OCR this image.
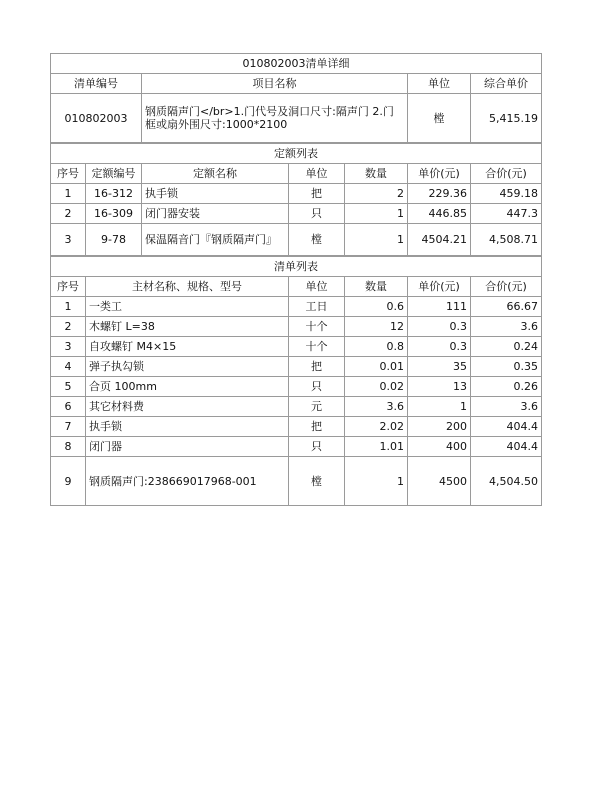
010802003清单详细			
清单编号	项目名称	单位	综合单价
010802003	钢质隔声门</br>1.门代号及洞口尺寸:隔声门 2.门框或扇外围尺寸:1000*2100	樘	5,415.19
定额列表						
序号	定额编号	定额名称	单位	数量	单价(元)	合价(元)
1	16-312	执手锁	把	2	229.36	459.18
2	16-309	闭门器安装	只	1	446.85	447.3
3	9-78	保温隔音门『钢质隔声门』	樘	1	4504.21	4,508.71
清单列表					
序号	主材名称、规格、型号	单位	数量	单价(元)	合价(元)
1	一类工	工日	0.6	111	66.67
2	木螺钉 L=38	十个	12	0.3	3.6
3	自攻螺钉 M4×15	十个	0.8	0.3	0.24
4	弹子执勾锁	把	0.01	35	0.35
5	合页 100mm	只	0.02	13	0.26
6	其它材料费	元	3.6	1	3.6
7	执手锁	把	2.02	200	404.4
8	闭门器	只	1.01	400	404.4
9	钢质隔声门:238669017968-001	樘	1	4500	4,504.50
